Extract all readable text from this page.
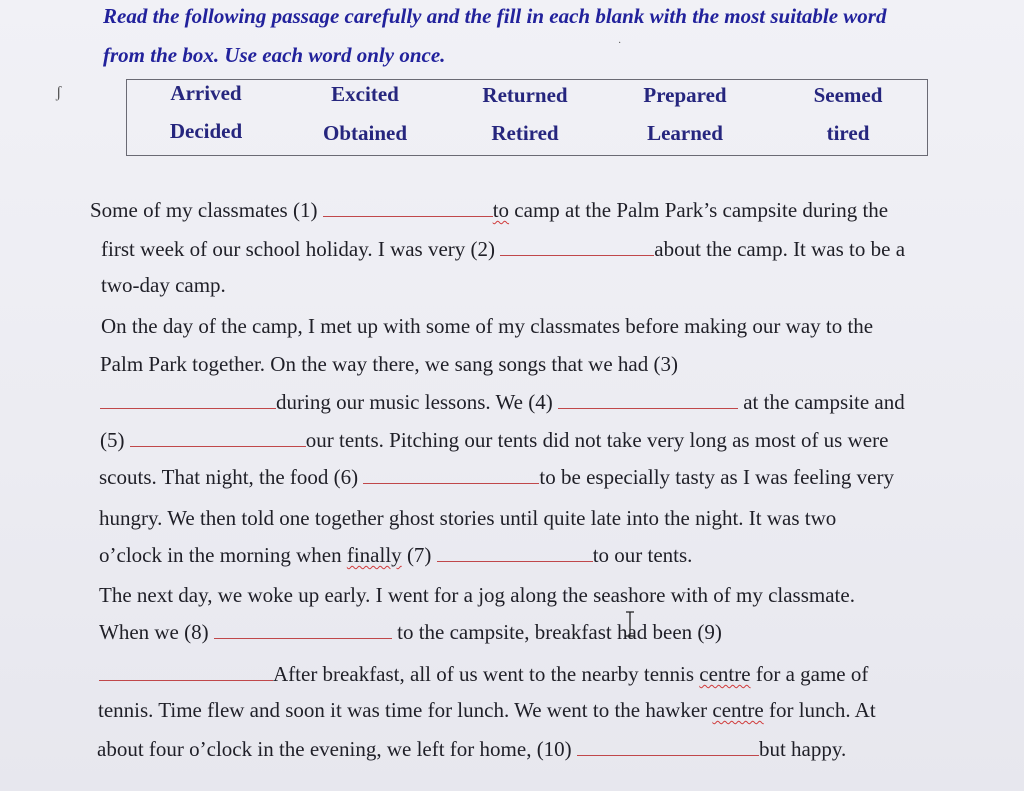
Read the following passage carefully and the fill in each blank with the most suitable word
from the box. Use each word only once.
ʃ
·
Arrived	Excited	Returned	Prepared	Seemed
Decided	Obtained	Retired	Learned	tired
Some of my classmates (1)	to camp at the Palm Park’s campsite during the
first week of our school holiday. I was very (2)	about the camp. It was to be a
two-day camp.
On the day of the camp, I met up with some of my classmates before making our way to the
Palm Park together. On the way there, we sang songs that we had (3)
during our music lessons. We (4)	at the campsite and
(5)	our tents. Pitching our tents did not take very long as most of us were
scouts. That night, the food (6)	to be especially tasty as I was feeling very
hungry. We then told one together ghost stories until quite late into the night. It was two
o’clock in the morning when finally (7)	to our tents.
The next day, we woke up early. I went for a jog along the seashore with of my classmate.
When we (8)	to the campsite, breakfast had been (9)
After breakfast, all of us went to the nearby tennis centre for a game of
tennis. Time flew and soon it was time for lunch. We went to the hawker centre for lunch. At
about four o’clock in the evening, we left for home, (10)	but happy.
